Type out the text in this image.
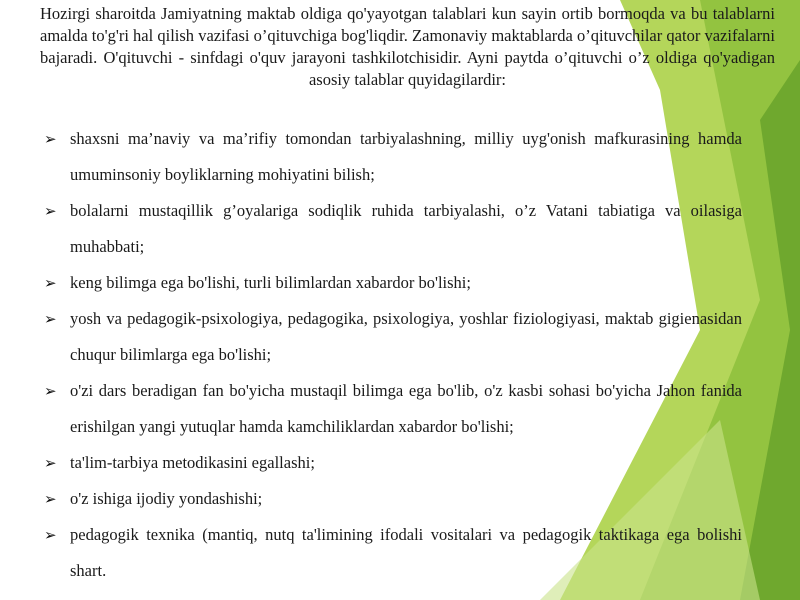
Hozirgi sharoitda Jamiyatning maktab oldiga qo'yayotgan talablari kun sayin ortib bormoqda va bu talablarni amalda to'g'ri hal qilish vazifasi o’qituvchiga bog'liqdir. Zamonaviy maktablarda o’qituvchilar qator vazifalarni bajaradi. O'qituvchi - sinfdagi o'quv jarayoni tashkilotchisidir. Ayni paytda o’qituvchi o’z oldiga qo'yadigan asosiy talablar quyidagilardir:

➢ shaxsni ma’naviy va ma’rifiy tomondan tarbiyalashning, milliy uyg'onish mafkurasining hamda umuminsoniy boyliklarning mohiyatini bilish;
➢ bolalarni mustaqillik g’oyalariga sodiqlik ruhida tarbiyalashi, o’z Vatani tabiatiga va oilasiga muhabbati;
➢ keng bilimga ega bo'lishi, turli bilimlardan xabardor bo'lishi;
➢ yosh va pedagogik-psixologiya, pedagogika, psixologiya, yoshlar fiziologiyasi, maktab gigienasidan chuqur bilimlarga ega bo'lishi;
➢ o'zi dars beradigan fan bo'yicha mustaqil bilimga ega bo'lib, o'z kasbi sohasi bo'yicha Jahon fanida erishilgan yangi yutuqlar hamda kamchiliklardan xabardor bo'lishi;
➢ ta'lim-tarbiya metodikasini egallashi;
➢ o'z ishiga ijodiy yondashishi;
➢ pedagogik texnika (mantiq, nutq ta'limining ifodali vositalari va pedagogik taktikaga ega bolishi shart.
